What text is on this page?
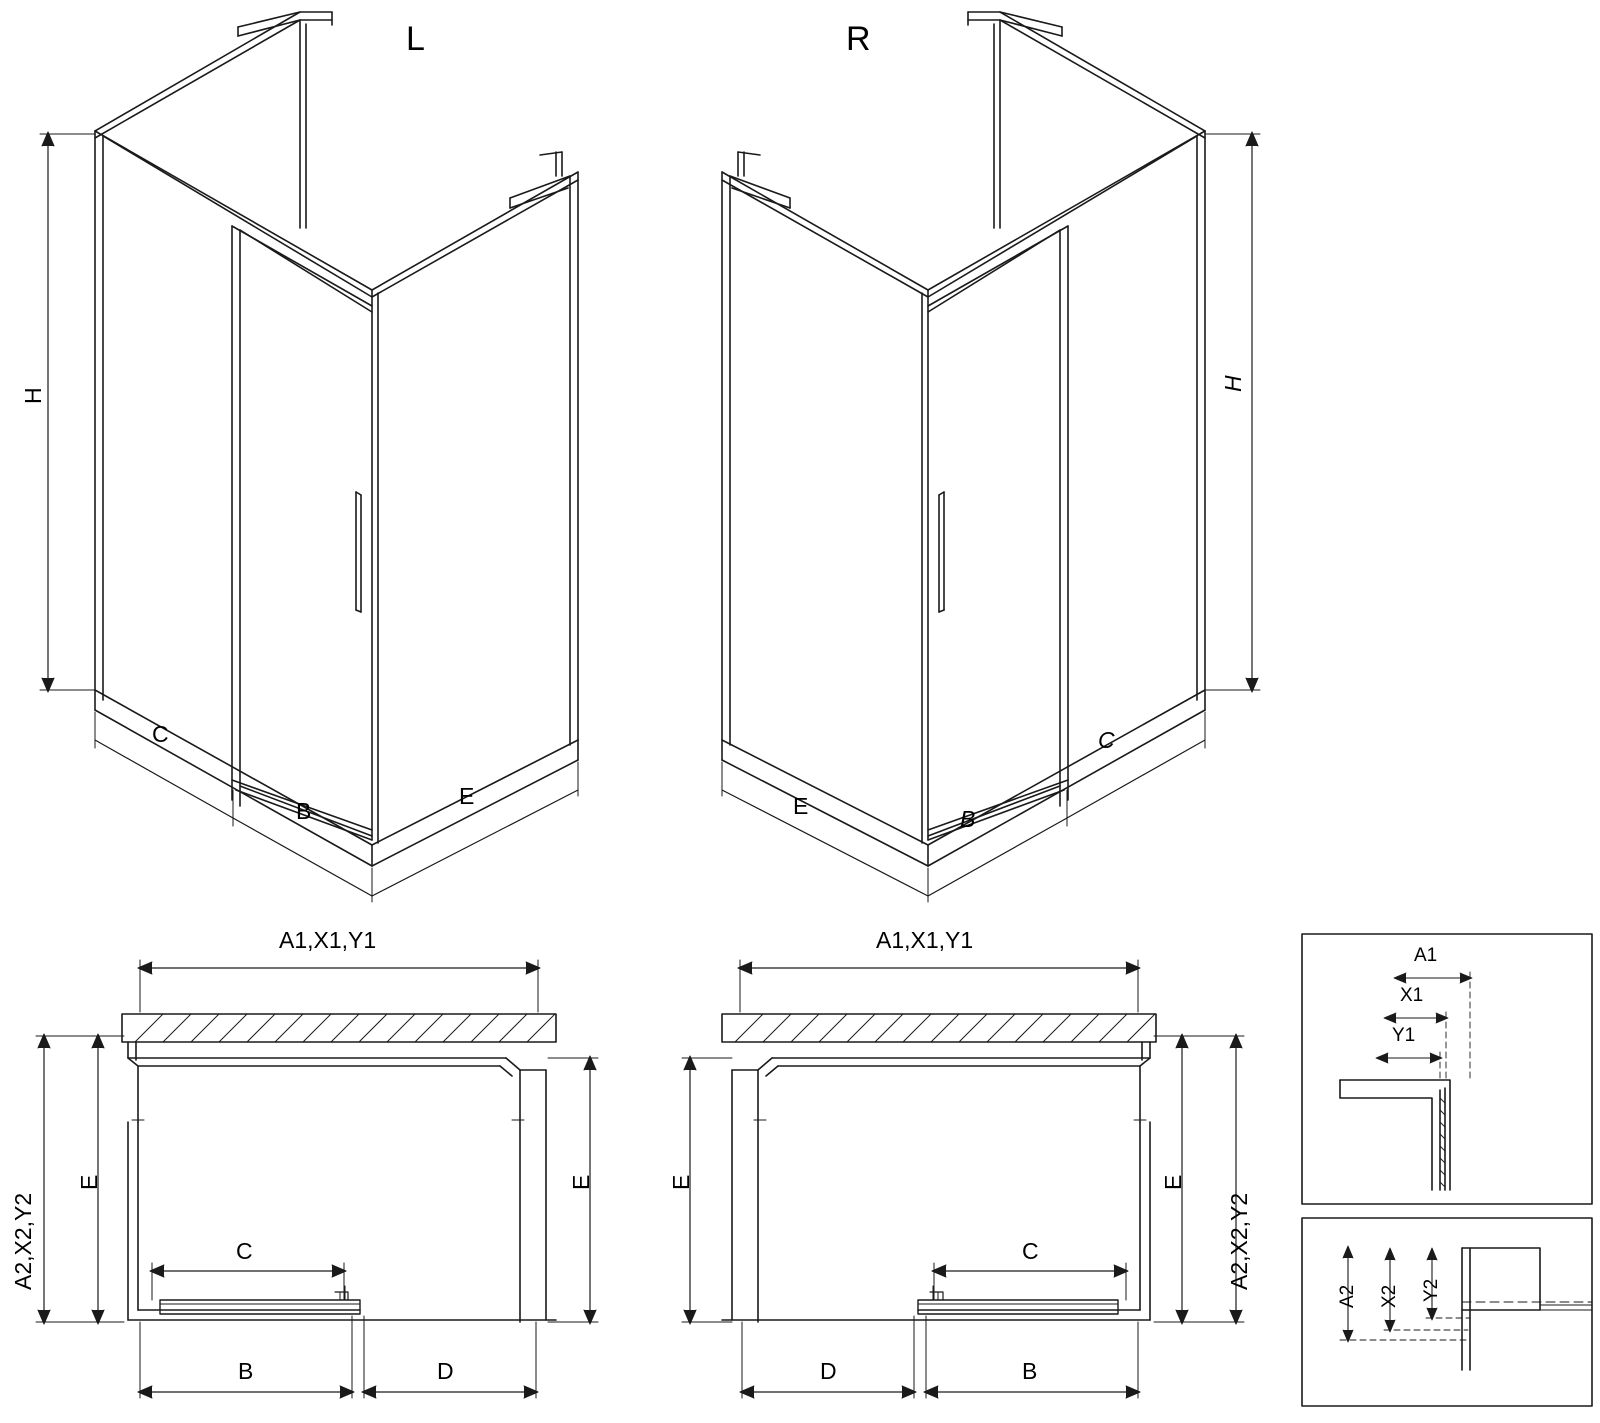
L
H
C
B
E
R
H
C
B
E
A1,X1,Y1
A2,X2,Y2
E	E
C
B	D
A1,X1,Y1
E	E
A2,X2,Y2
C
D	B
A1
X1
Y1
A2 X2 Y2
